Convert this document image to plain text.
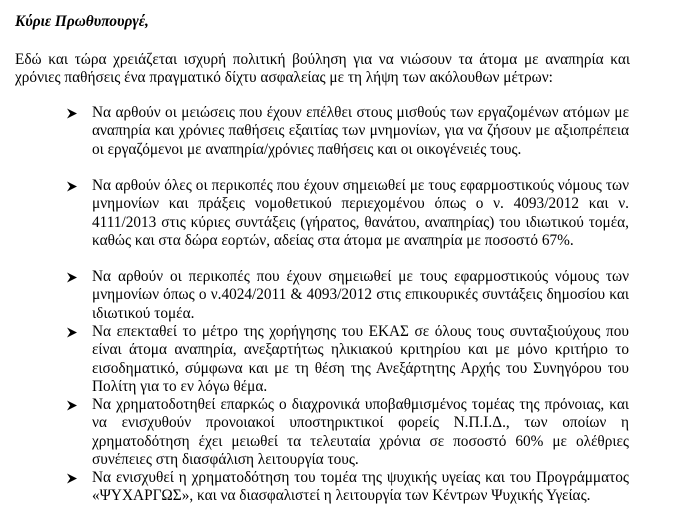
Κύριε Πρωθυπουργέ,
Εδώ και τώρα χρειάζεται ισχυρή πολιτική βούληση για να νιώσουν τα άτομα με αναπηρία και χρόνιες παθήσεις ένα πραγματικό δίχτυ ασφαλείας με τη λήψη των ακόλουθων μέτρων:
Να αρθούν οι μειώσεις που έχουν επέλθει στους μισθούς των εργαζομένων ατόμων με αναπηρία και χρόνιες παθήσεις εξαιτίας των μνημονίων, για να ζήσουν με αξιοπρέπεια οι εργαζόμενοι με αναπηρία/χρόνιες παθήσεις και οι οικογένειές τους.
Να αρθούν όλες οι περικοπές που έχουν σημειωθεί με τους εφαρμοστικούς νόμους των μνημονίων και πράξεις νομοθετικού περιεχομένου όπως ο ν. 4093/2012 και ν. 4111/2013 στις κύριες συντάξεις (γήρατος, θανάτου, αναπηρίας) του ιδιωτικού τομέα, καθώς και στα δώρα εορτών, αδείας στα άτομα με αναπηρία με ποσοστό 67%.
Να αρθούν οι περικοπές που έχουν σημειωθεί με τους εφαρμοστικούς νόμους των μνημονίων όπως ο ν.4024/2011 & 4093/2012 στις επικουρικές συντάξεις δημοσίου και ιδιωτικού τομέα.
Να επεκταθεί το μέτρο της χορήγησης του ΕΚΑΣ σε όλους τους συνταξιούχους που είναι άτομα αναπηρία, ανεξαρτήτως ηλικιακού κριτηρίου και με μόνο κριτήριο το εισοδηματικό, σύμφωνα και με τη θέση της Ανεξάρτητης Αρχής του Συνηγόρου του Πολίτη για το εν λόγω θέμα.
Να χρηματοδοτηθεί επαρκώς ο διαχρονικά υποβαθμισμένος τομέας της πρόνοιας, και να ενισχυθούν προνοιακοί υποστηρικτικοί φορείς Ν.Π.Ι.Δ., των οποίων η χρηματοδότηση έχει μειωθεί τα τελευταία χρόνια σε ποσοστό 60% με ολέθριες συνέπειες στη διασφάλιση λειτουργία τους.
Να ενισχυθεί η χρηματοδότηση του τομέα της ψυχικής υγείας και του Προγράμματος «ΨΥΧΑΡΓΩΣ», και να διασφαλιστεί η λειτουργία των Κέντρων Ψυχικής Υγείας.
